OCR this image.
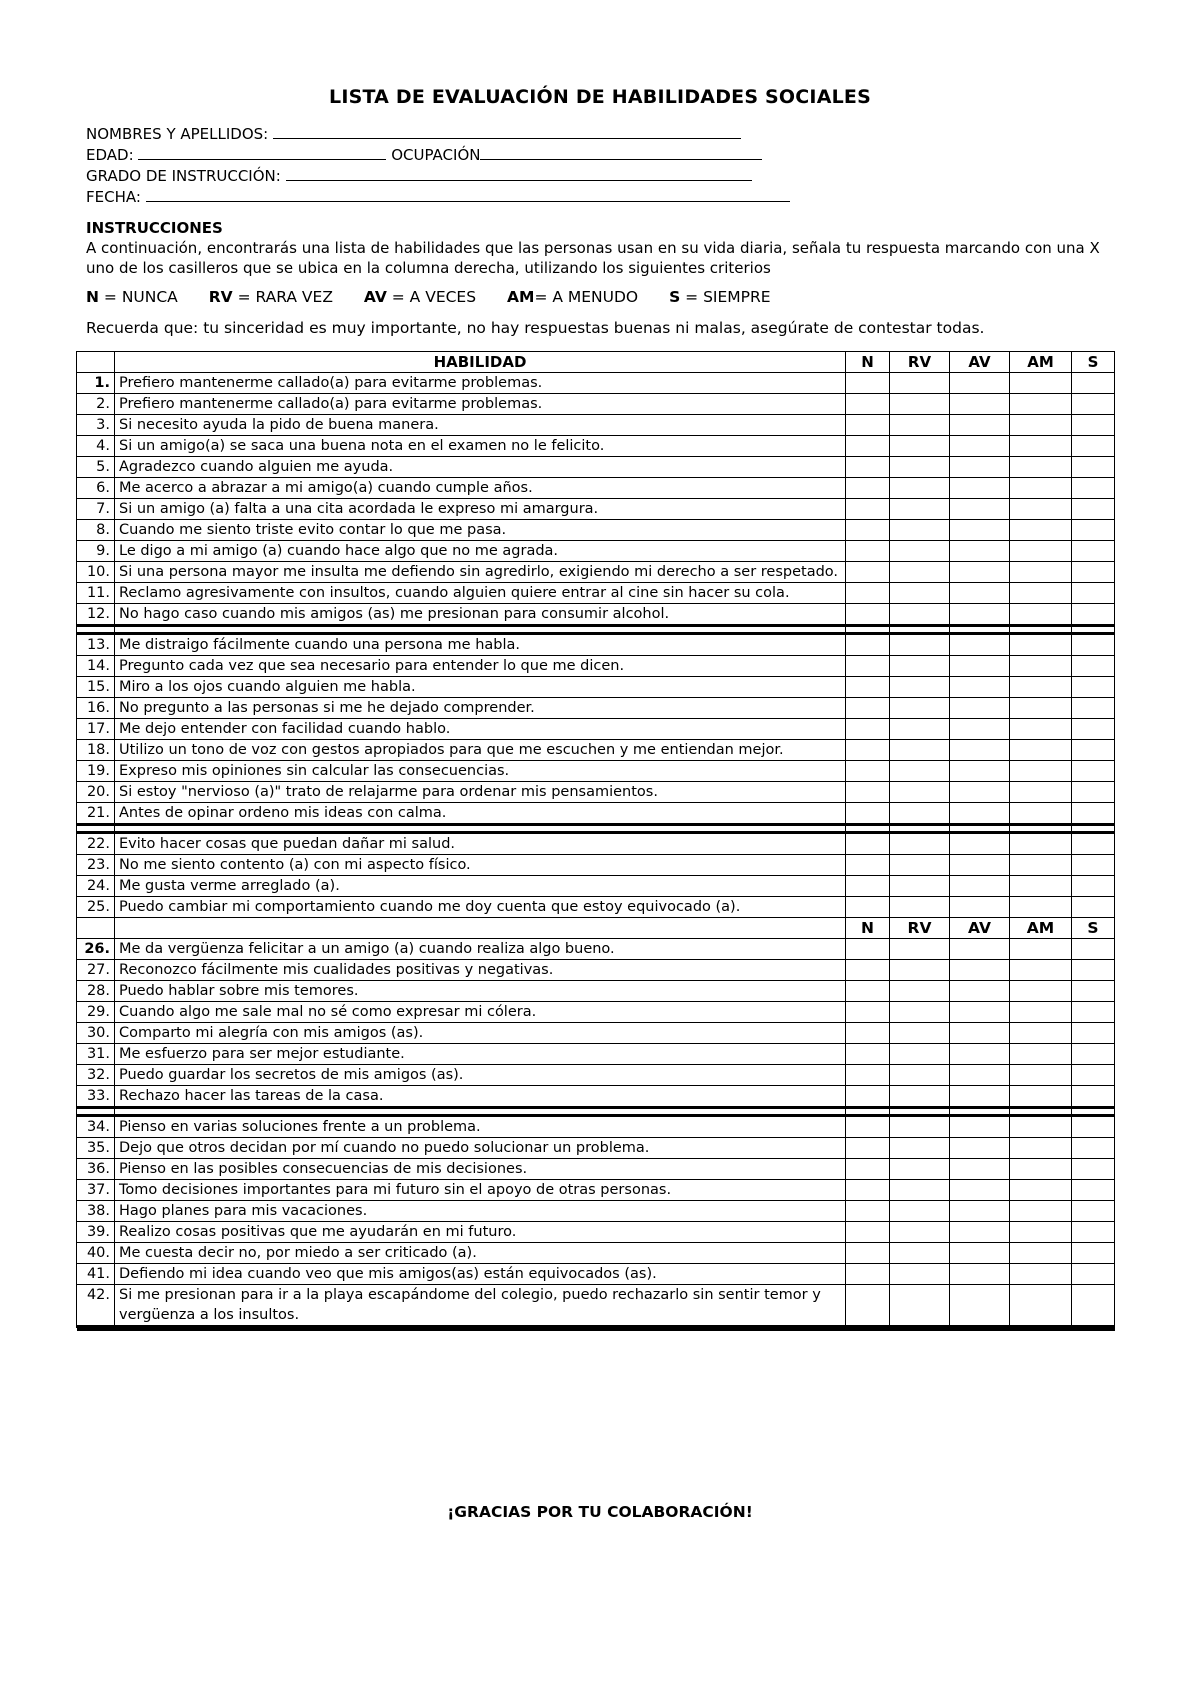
LISTA DE EVALUACIÓN DE HABILIDADES SOCIALES
NOMBRES Y APELLIDOS:
EDAD:	OCUPACIÓN
GRADO DE INSTRUCCIÓN:
FECHA:
INSTRUCCIONES

A continuación, encontrarás una lista de habilidades que las personas usan en su vida diaria, señala tu respuesta marcando con una X uno de los casilleros que se ubica en la columna derecha, utilizando los siguientes criterios

N = NUNCA RV = RARA VEZ AV = A VECES AM= A MENUDO S = SIEMPRE
Recuerda que: tu sinceridad es muy importante, no hay respuestas buenas ni malas, asegúrate de contestar todas.
	HABILIDAD	N	RV	AV	AM	S
1.	Prefiero mantenerme callado(a) para evitarme problemas.					
2.	Prefiero mantenerme callado(a) para evitarme problemas.					
3.	Si necesito ayuda la pido de buena manera.					
4.	Si un amigo(a) se saca una buena nota en el examen no le felicito.					
5.	Agradezco cuando alguien me ayuda.					
6.	Me acerco a abrazar a mi amigo(a) cuando cumple años.					
7.	Si un amigo (a) falta a una cita acordada le expreso mi amargura.					
8.	Cuando me siento triste evito contar lo que me pasa.					
9.	Le digo a mi amigo (a) cuando hace algo que no me agrada.					
10.	Si una persona mayor me insulta me defiendo sin agredirlo, exigiendo mi derecho a ser respetado.					
11.	Reclamo agresivamente con insultos, cuando alguien quiere entrar al cine sin hacer su cola.					
12.	No hago caso cuando mis amigos (as) me presionan para consumir alcohol.					

13.	Me distraigo fácilmente cuando una persona me habla.					
14.	Pregunto cada vez que sea necesario para entender lo que me dicen.					
15.	Miro a los ojos cuando alguien me habla.					
16.	No pregunto a las personas si me he dejado comprender.					
17.	Me dejo entender con facilidad cuando hablo.					
18.	Utilizo un tono de voz con gestos apropiados para que me escuchen y me entiendan mejor.					
19.	Expreso mis opiniones sin calcular las consecuencias.					
20.	Si estoy "nervioso (a)" trato de relajarme para ordenar mis pensamientos.					
21.	Antes de opinar ordeno mis ideas con calma.					

22.	Evito hacer cosas que puedan dañar mi salud.					
23.	No me siento contento (a) con mi aspecto físico.					
24.	Me gusta verme arreglado (a).					
25.	Puedo cambiar mi comportamiento cuando me doy cuenta que estoy equivocado (a).					
		N	RV	AV	AM	S
26.	Me da vergüenza felicitar a un amigo (a) cuando realiza algo bueno.					
27.	Reconozco fácilmente mis cualidades positivas y negativas.					
28.	Puedo hablar sobre mis temores.					
29.	Cuando algo me sale mal no sé como expresar mi cólera.					
30.	Comparto mi alegría con mis amigos (as).					
31.	Me esfuerzo para ser mejor estudiante.					
32.	Puedo guardar los secretos de mis amigos (as).					
33.	Rechazo hacer las tareas de la casa.					

34.	Pienso en varias soluciones frente a un problema.					
35.	Dejo que otros decidan por mí cuando no puedo solucionar un problema.					
36.	Pienso en las posibles consecuencias de mis decisiones.					
37.	Tomo decisiones importantes para mi futuro sin el apoyo de otras personas.					
38.	Hago planes para mis vacaciones.					
39.	Realizo cosas positivas que me ayudarán en mi futuro.					
40.	Me cuesta decir no, por miedo a ser criticado (a).					
41.	Defiendo mi idea cuando veo que mis amigos(as) están equivocados (as).					
42.	Si me presionan para ir a la playa escapándome del colegio, puedo rechazarlo sin sentir temor y vergüenza a los insultos.					

¡GRACIAS POR TU COLABORACIÓN!
